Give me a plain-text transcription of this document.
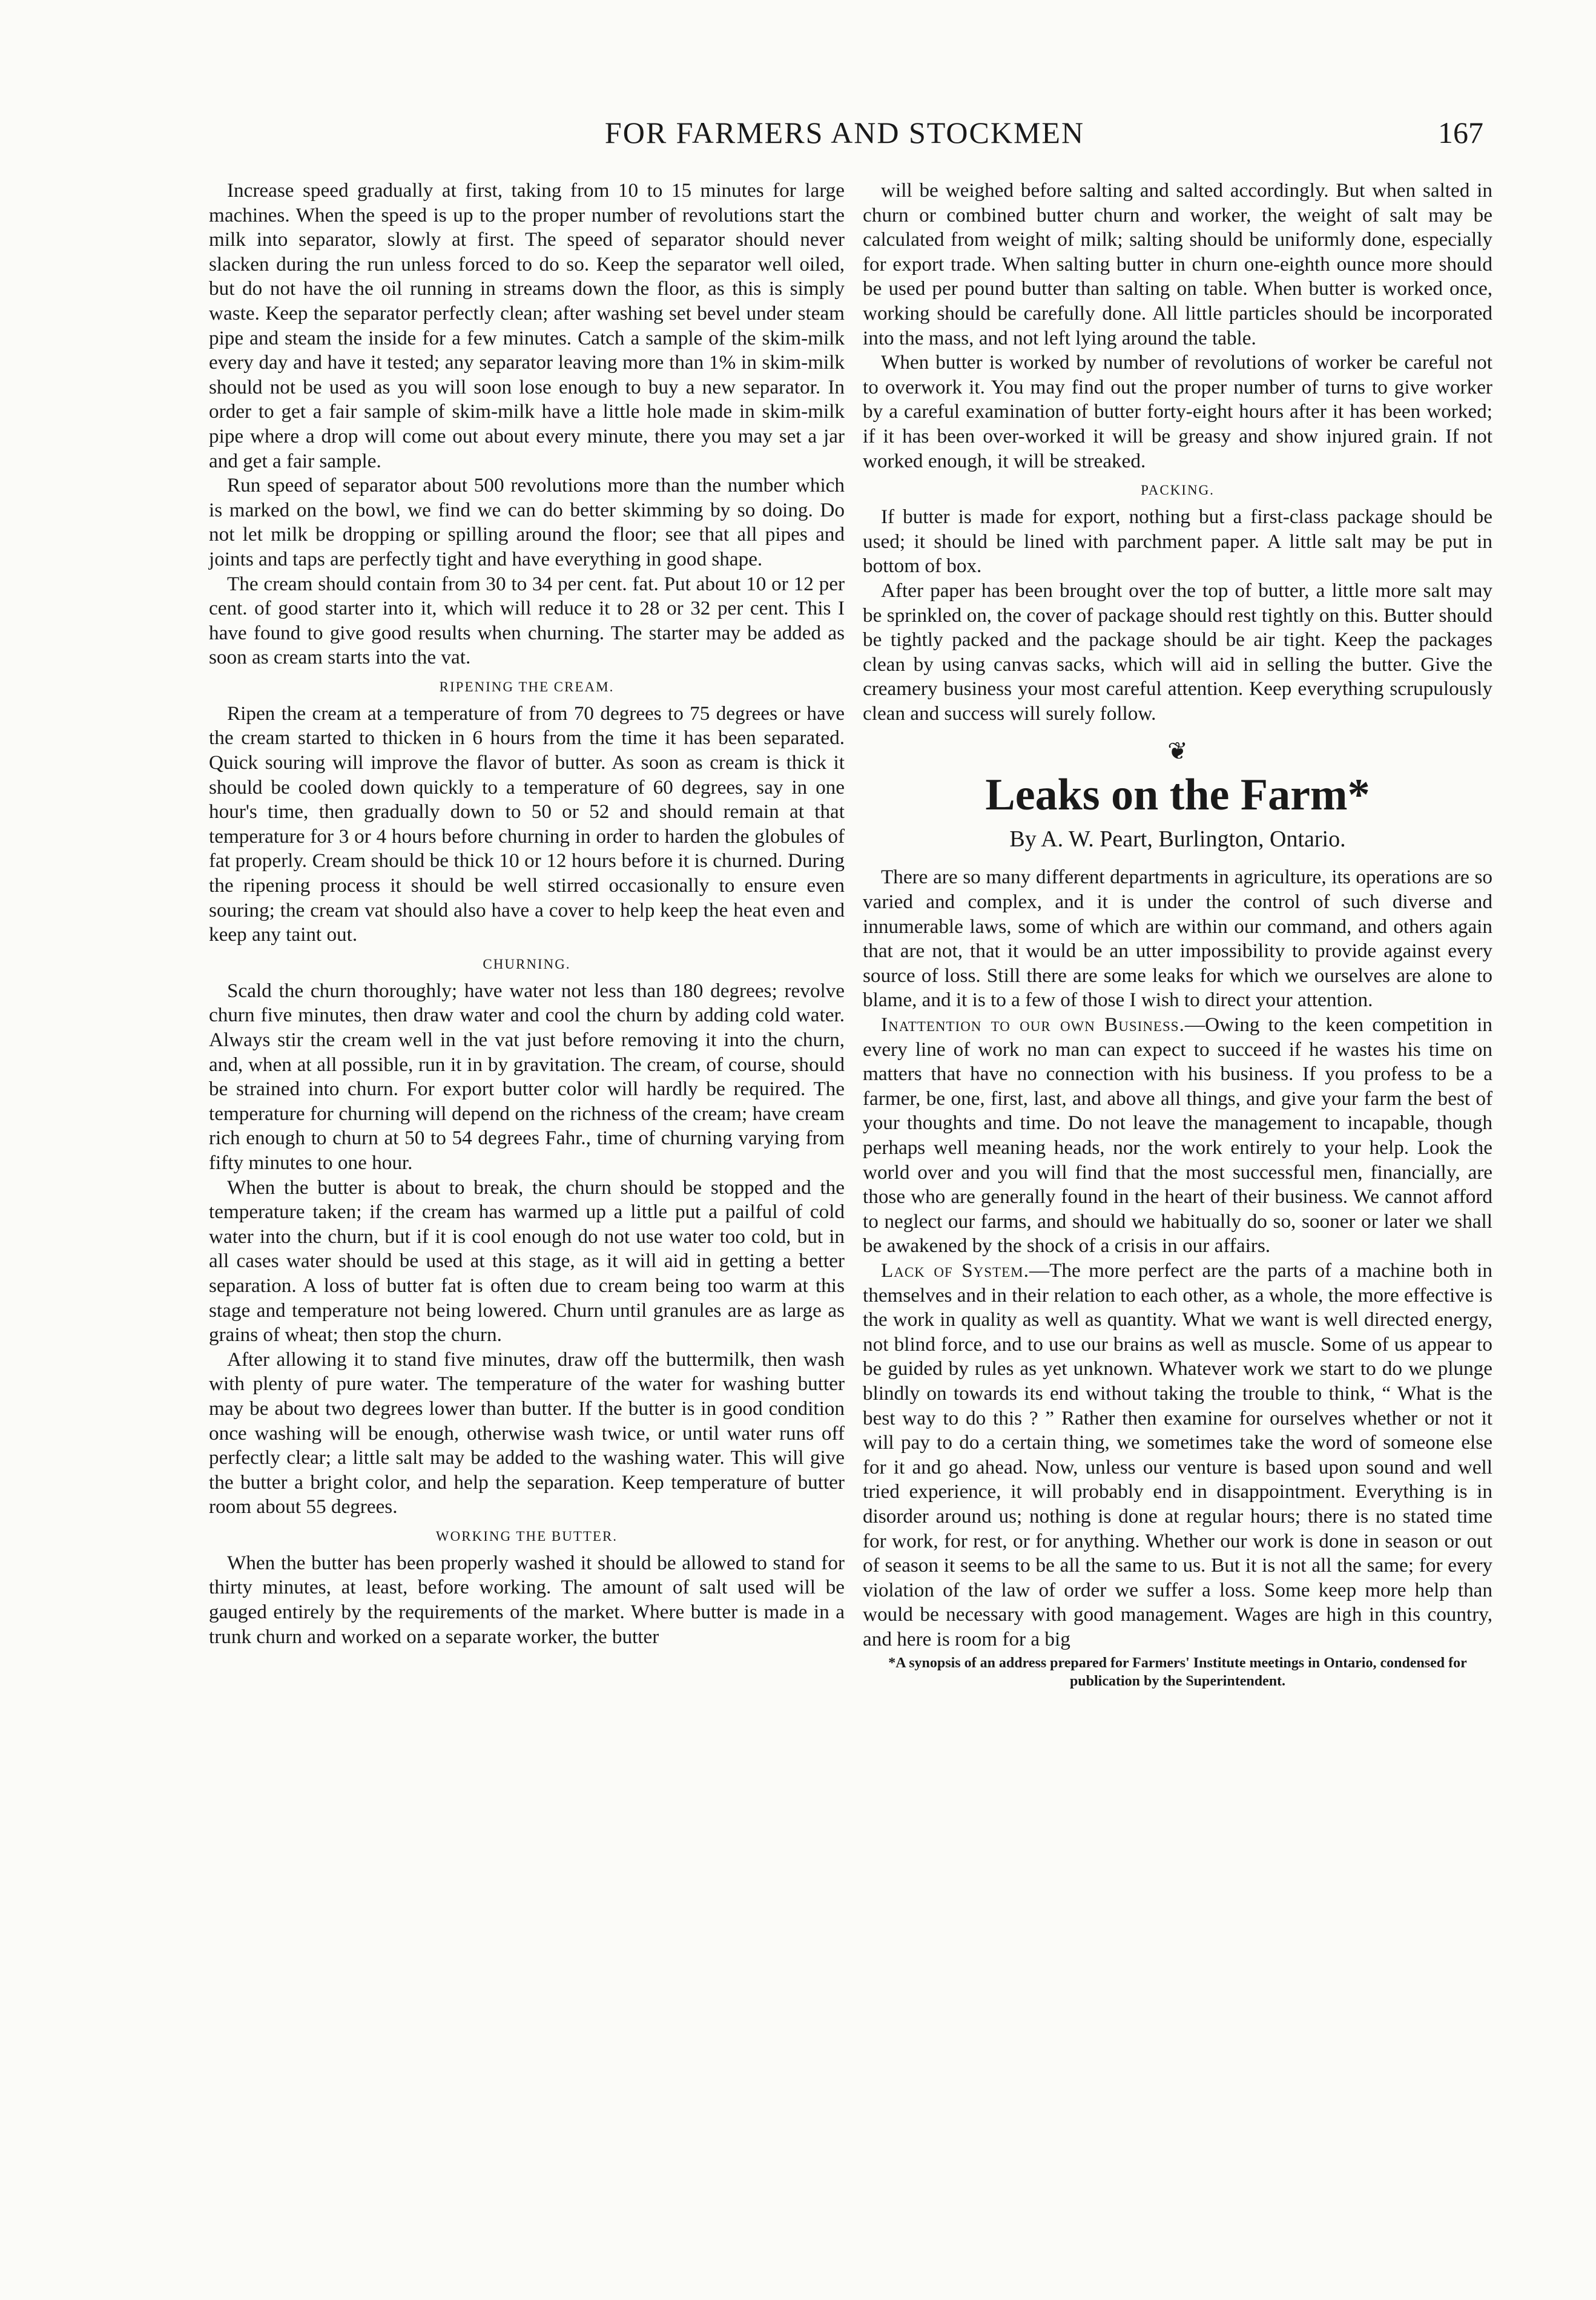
FOR FARMERS AND STOCKMEN	167

Increase speed gradually at first, taking from 10 to 15 minutes for large machines. When the speed is up to the proper number of revolutions start the milk into separator, slowly at first. The speed of separator should never slacken during the run unless forced to do so. Keep the separator well oiled, but do not have the oil running in streams down the floor, as this is simply waste. Keep the separator perfectly clean; after washing set bevel under steam pipe and steam the inside for a few minutes. Catch a sample of the skim-milk every day and have it tested; any separator leaving more than 1% in skim-milk should not be used as you will soon lose enough to buy a new separator. In order to get a fair sample of skim-milk have a little hole made in skim-milk pipe where a drop will come out about every minute, there you may set a jar and get a fair sample.

Run speed of separator about 500 revolutions more than the number which is marked on the bowl, we find we can do better skimming by so doing. Do not let milk be dropping or spilling around the floor; see that all pipes and joints and taps are perfectly tight and have everything in good shape.

The cream should contain from 30 to 34 per cent. fat. Put about 10 or 12 per cent. of good starter into it, which will reduce it to 28 or 32 per cent. This I have found to give good results when churning. The starter may be added as soon as cream starts into the vat.

RIPENING THE CREAM.

Ripen the cream at a temperature of from 70 degrees to 75 degrees or have the cream started to thicken in 6 hours from the time it has been separated. Quick souring will improve the flavor of butter. As soon as cream is thick it should be cooled down quickly to a temperature of 60 degrees, say in one hour's time, then gradually down to 50 or 52 and should remain at that temperature for 3 or 4 hours before churning in order to harden the globules of fat properly. Cream should be thick 10 or 12 hours before it is churned. During the ripening process it should be well stirred occasionally to ensure even souring; the cream vat should also have a cover to help keep the heat even and keep any taint out.

CHURNING.

Scald the churn thoroughly; have water not less than 180 degrees; revolve churn five minutes, then draw water and cool the churn by adding cold water. Always stir the cream well in the vat just before removing it into the churn, and, when at all possible, run it in by gravitation. The cream, of course, should be strained into churn. For export butter color will hardly be required. The temperature for churning will depend on the richness of the cream; have cream rich enough to churn at 50 to 54 degrees Fahr., time of churning varying from fifty minutes to one hour.

When the butter is about to break, the churn should be stopped and the temperature taken; if the cream has warmed up a little put a pailful of cold water into the churn, but if it is cool enough do not use water too cold, but in all cases water should be used at this stage, as it will aid in getting a better separation. A loss of butter fat is often due to cream being too warm at this stage and temperature not being lowered. Churn until granules are as large as grains of wheat; then stop the churn.

After allowing it to stand five minutes, draw off the buttermilk, then wash with plenty of pure water. The temperature of the water for washing butter may be about two degrees lower than butter. If the butter is in good condition once washing will be enough, otherwise wash twice, or until water runs off perfectly clear; a little salt may be added to the washing water. This will give the butter a bright color, and help the separation. Keep temperature of butter room about 55 degrees.

WORKING THE BUTTER.

When the butter has been properly washed it should be allowed to stand for thirty minutes, at least, before working. The amount of salt used will be gauged entirely by the requirements of the market. Where butter is made in a trunk churn and worked on a separate worker, the butter

will be weighed before salting and salted accordingly. But when salted in churn or combined butter churn and worker, the weight of salt may be calculated from weight of milk; salting should be uniformly done, especially for export trade. When salting butter in churn one-eighth ounce more should be used per pound butter than salting on table. When butter is worked once, working should be carefully done. All little particles should be incorporated into the mass, and not left lying around the table.

When butter is worked by number of revolutions of worker be careful not to overwork it. You may find out the proper number of turns to give worker by a careful examination of butter forty-eight hours after it has been worked; if it has been over-worked it will be greasy and show injured grain. If not worked enough, it will be streaked.

PACKING.

If butter is made for export, nothing but a first-class package should be used; it should be lined with parchment paper. A little salt may be put in bottom of box.

After paper has been brought over the top of butter, a little more salt may be sprinkled on, the cover of package should rest tightly on this. Butter should be tightly packed and the package should be air tight. Keep the packages clean by using canvas sacks, which will aid in selling the butter. Give the creamery business your most careful attention. Keep everything scrupulously clean and success will surely follow.

❦
Leaks on the Farm*
By A. W. Peart, Burlington, Ontario.

There are so many different departments in agriculture, its operations are so varied and complex, and it is under the control of such diverse and innumerable laws, some of which are within our command, and others again that are not, that it would be an utter impossibility to provide against every source of loss. Still there are some leaks for which we ourselves are alone to blame, and it is to a few of those I wish to direct your attention.

Inattention to our own Business.—Owing to the keen competition in every line of work no man can expect to succeed if he wastes his time on matters that have no connection with his business. If you profess to be a farmer, be one, first, last, and above all things, and give your farm the best of your thoughts and time. Do not leave the management to incapable, though perhaps well meaning heads, nor the work entirely to your help. Look the world over and you will find that the most successful men, financially, are those who are generally found in the heart of their business. We cannot afford to neglect our farms, and should we habitually do so, sooner or later we shall be awakened by the shock of a crisis in our affairs.

Lack of System.—The more perfect are the parts of a machine both in themselves and in their relation to each other, as a whole, the more effective is the work in quality as well as quantity. What we want is well directed energy, not blind force, and to use our brains as well as muscle. Some of us appear to be guided by rules as yet unknown. Whatever work we start to do we plunge blindly on towards its end without taking the trouble to think, “ What is the best way to do this ? ” Rather then examine for ourselves whether or not it will pay to do a certain thing, we sometimes take the word of someone else for it and go ahead. Now, unless our venture is based upon sound and well tried experience, it will probably end in disappointment. Everything is in disorder around us; nothing is done at regular hours; there is no stated time for work, for rest, or for anything. Whether our work is done in season or out of season it seems to be all the same to us. But it is not all the same; for every violation of the law of order we suffer a loss. Some keep more help than would be necessary with good management. Wages are high in this country, and here is room for a big

*A synopsis of an address prepared for Farmers' Institute meetings in Ontario, condensed for publication by the Superintendent.
